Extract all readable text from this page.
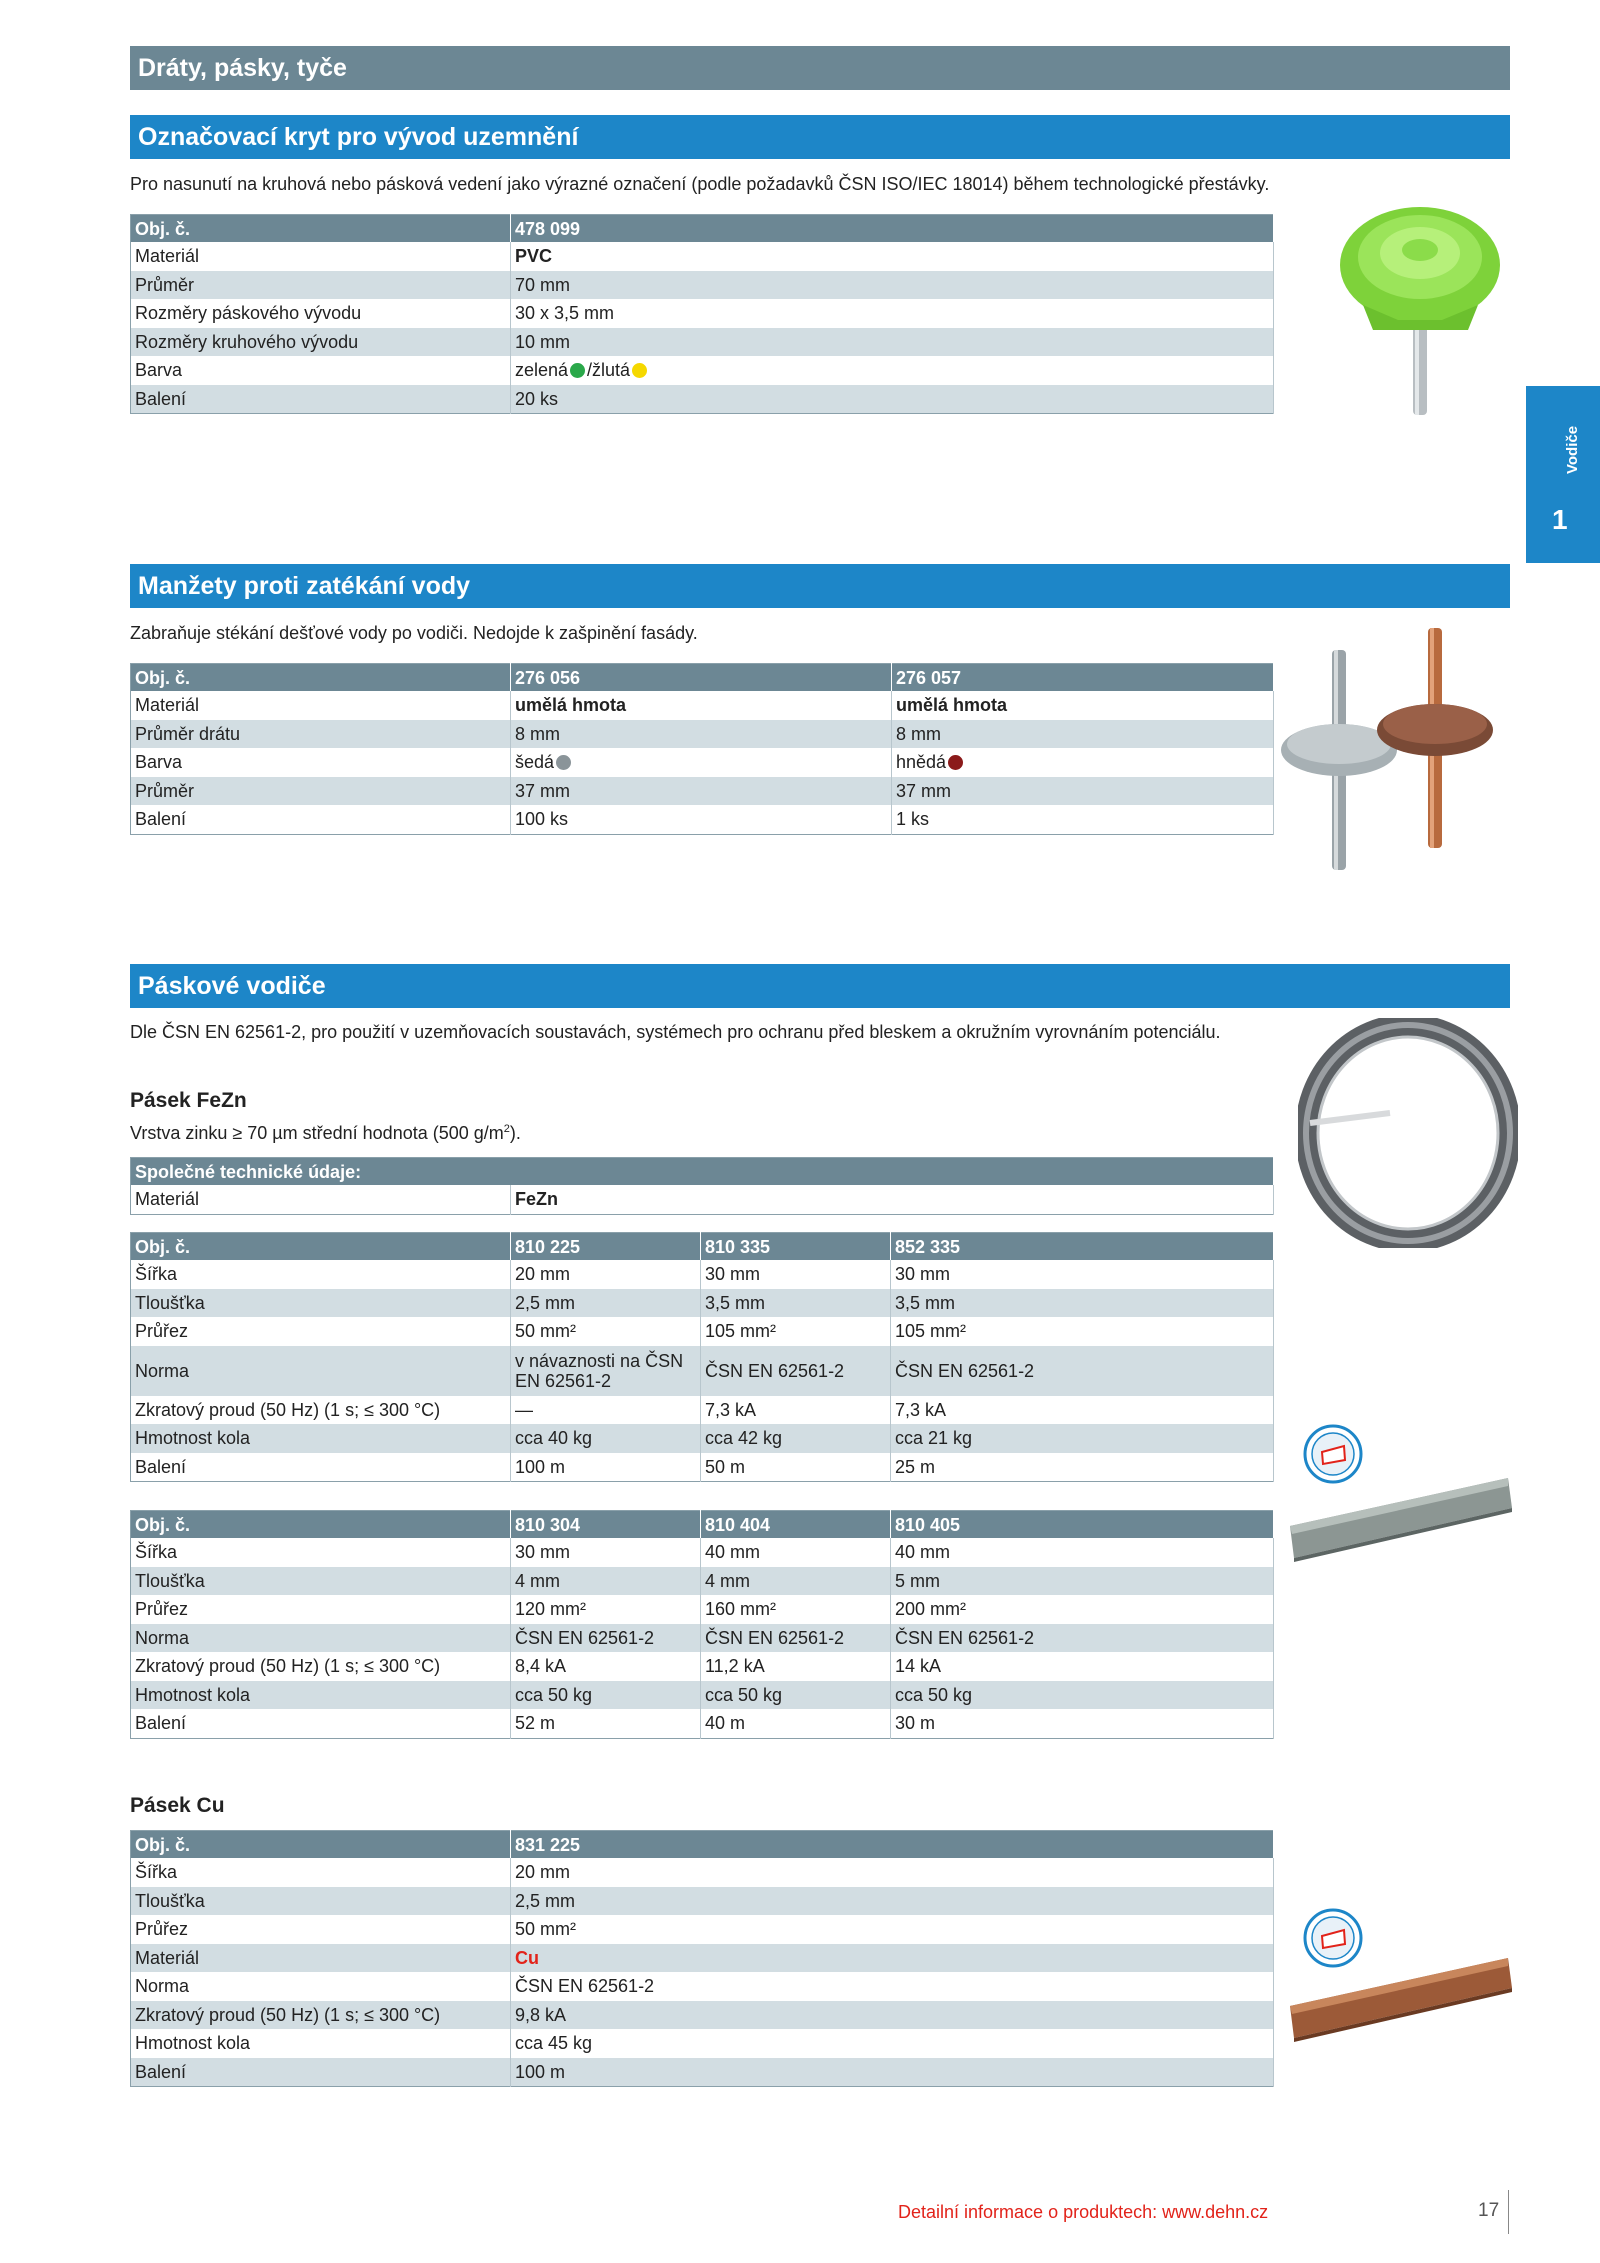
Dráty, pásky, tyče
Vodiče
1
Označovací kryt pro vývod uzemnění
Pro nasunutí na kruhová nebo pásková vedení jako výrazné označení (podle požadavků ČSN ISO/IEC 18014) během technologické přestávky.
Obj. č.	478 099
Materiál	PVC
Průměr	70 mm
Rozměry páskového vývodu	30 x 3,5 mm
Rozměry kruhového vývodu	10 mm
Barva	zelená /žlutá
Balení	20 ks
Manžety proti zatékání vody
Zabraňuje stékání dešťové vody po vodiči. Nedojde k zašpinění fasády.
Obj. č.	276 056	276 057
Materiál	umělá hmota	umělá hmota
Průměr drátu	8 mm	8 mm
Barva	šedá	hnědá
Průměr	37 mm	37 mm
Balení	100 ks	1 ks
Páskové vodiče
Dle ČSN EN 62561-2, pro použití v uzemňovacích soustavách, systémech pro ochranu před bleskem a okružním vyrovnáním potenciálu.
Pásek FeZn
Vrstva zinku ≥ 70 µm střední hodnota (500 $g/m^2$).
Společné technické údaje:
Materiál	FeZn
Obj. č.	810 225	810 335	852 335
Šířka	20 mm	30 mm	30 mm
Tloušťka	2,5 mm	3,5 mm	3,5 mm
Průřez	50 mm²	105 mm²	105 mm²
Norma	v návaznosti na ČSN EN 62561-2	ČSN EN 62561-2	ČSN EN 62561-2
Zkratový proud (50 Hz) (1 s; ≤ 300 °C)	—	7,3 kA	7,3 kA
Hmotnost kola	cca 40 kg	cca 42 kg	cca 21 kg
Balení	100 m	50 m	25 m
Obj. č.	810 304	810 404	810 405
Šířka	30 mm	40 mm	40 mm
Tloušťka	4 mm	4 mm	5 mm
Průřez	120 mm²	160 mm²	200 mm²
Norma	ČSN EN 62561-2	ČSN EN 62561-2	ČSN EN 62561-2
Zkratový proud (50 Hz) (1 s; ≤ 300 °C)	8,4 kA	11,2 kA	14 kA
Hmotnost kola	cca 50 kg	cca 50 kg	cca 50 kg
Balení	52 m	40 m	30 m
Pásek Cu
Obj. č.	831 225
Šířka	20 mm
Tloušťka	2,5 mm
Průřez	50 mm²
Materiál	Cu
Norma	ČSN EN 62561-2
Zkratový proud (50 Hz) (1 s; ≤ 300 °C)	9,8 kA
Hmotnost kola	cca 45 kg
Balení	100 m
Detailní informace o produktech: www.dehn.cz	17
